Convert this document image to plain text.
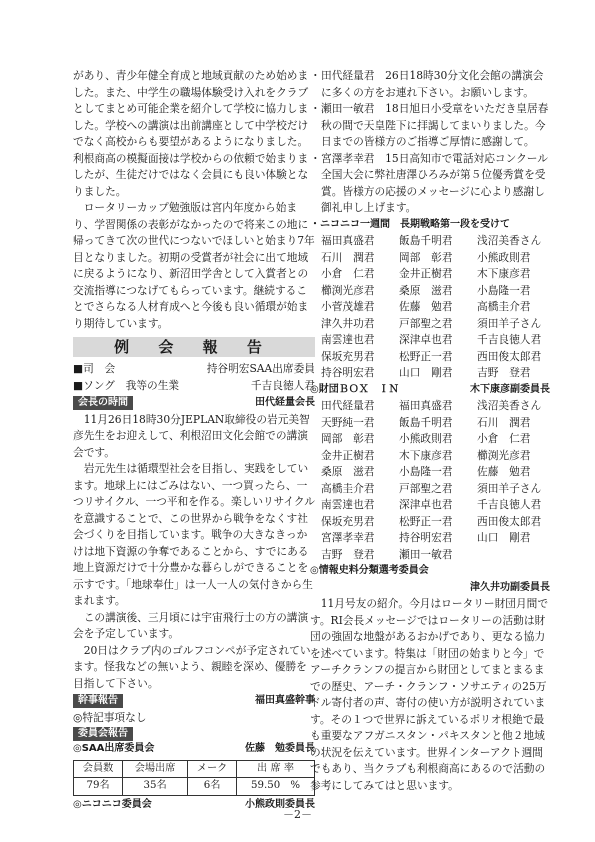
があり、青少年健全育成と地域貢献のため始めました。また、中学生の職場体験受け入れをクラブとしてまとめ可能企業を紹介して学校に協力しました。学校への講演は出前講座として中学校だけでなく高校からも要望があるようになりました。利根商高の模擬面接は学校からの依頼で始まりましたが、生徒だけではなく会員にも良い体験となりました。

ロータリーカップ勉強版は宮内年度から始まり、学習関係の表彰がなかったので将来この地に帰ってきて次の世代につないでほしいと始まり7年目となりました。初期の受賞者が社会に出て地域に戻るようになり、新沼田学舎として入賞者との交流指導につなげてもらっています。継続することでさらなる人材育成へと今後も良い循環が始まり期待しています。

例 会 報 告
■司　会	持谷明宏SAA出席委員
■ソング　我等の生業	千吉良徳人君
会長の時間	田代経量会長

11月26日18時30分JEPLAN取締役の岩元美智彦先生をお迎えして、利根沼田文化会館での講演会です。

岩元先生は循環型社会を目指し、実践をしています。地球上にはごみはない、一つ買ったら、一つリサイクル、一つ平和を作る。楽しいリサイクルを意識することで、この世界から戦争をなくす社会づくりを目指しています。戦争の大きなきっかけは地下資源の争奪であることから、すでにある地上資源だけで十分豊かな暮らしができることを示すです。「地球奉仕」は一人一人の気付きから生まれます。

この講演後、三月頃には宇宙飛行士の方の講演会を予定しています。

20日はクラブ内のゴルフコンペが予定されています。怪我などの無いよう、親睦を深め、優勝を目指して下さい。

幹事報告	福田真盛幹事

◎特記事項なし

委員会報告
◎SAA出席委員会	佐藤　勉委員長
会員数	会場出席	メーク	出 席 率
79名	35名	6名	59.50　%
◎ニコニコ委員会	小熊政則委員長
・ 田代経量君　26日18時30分文化会館の講演会に多くの方をお連れ下さい。お願いします。
・ 瀬田一敏君　18日旭日小受章をいただき皇居春秋の間で天皇陛下に拝謁してまいりました。今日までの皆様方のご指導ご厚情に感謝して。
・ 宮澤孝幸君　15日高知市で電話対応コンクール全国大会に弊社唐澤ひろみが第５位優秀賞を受賞。皆様方の応援のメッセージに心より感謝し御礼申し上げます。
・ニコニコ一週間　長期戦略第一段を受けて
福田真盛君	飯島千明君	浅沼美香さん
石川　潤君	岡部　彰君	小熊政則君
小倉　仁君	金井正樹君	木下康彦君
櫛渕光彦君	桑原　滋君	小島隆一君
小菅茂雄君	佐藤　勉君	高橋圭介君
津久井功君	戸部聖之君	須田羊子さん
南雲達也君	深津卓也君	千吉良徳人君
保坂充男君	松野正一君	西田俊太郎君
持谷明宏君	山口　剛君	吉野　登君
◎財団ＢＯＸ　ＩＮ	木下康彦副委員長
田代経量君	福田真盛君	浅沼美香さん
天野純一君	飯島千明君	石川　潤君
岡部　彰君	小熊政則君	小倉　仁君
金井正樹君	木下康彦君	櫛渕光彦君
桑原　滋君	小島隆一君	佐藤　勉君
高橋圭介君	戸部聖之君	須田羊子さん
南雲達也君	深津卓也君	千吉良徳人君
保坂充男君	松野正一君	西田俊太郎君
宮澤孝幸君	持谷明宏君	山口　剛君
吉野　登君	瀬田一敏君
◎情報史料分類選考委員会
津久井功副委員長

11月号友の紹介。今月はロータリー財団月間です。RI会長メッセージではロータリーの活動は財団の強固な地盤があるおかげであり、更なる協力を述べています。特集は「財団の始まりと今」でアーチクランフの提言から財団としてまとまるまでの歴史、アーチ・クランフ・ソサエティの25万ドル寄付者の声、寄付の使い方が説明されています。その１つで世界に訴えているポリオ根絶で最も重要なアフガニスタン・パキスタンと他２地域の状況を伝えています。世界インターアクト週間でもあり、当クラブも利根商高にあるので活動の参考にしてみてはと思います。

－2－
